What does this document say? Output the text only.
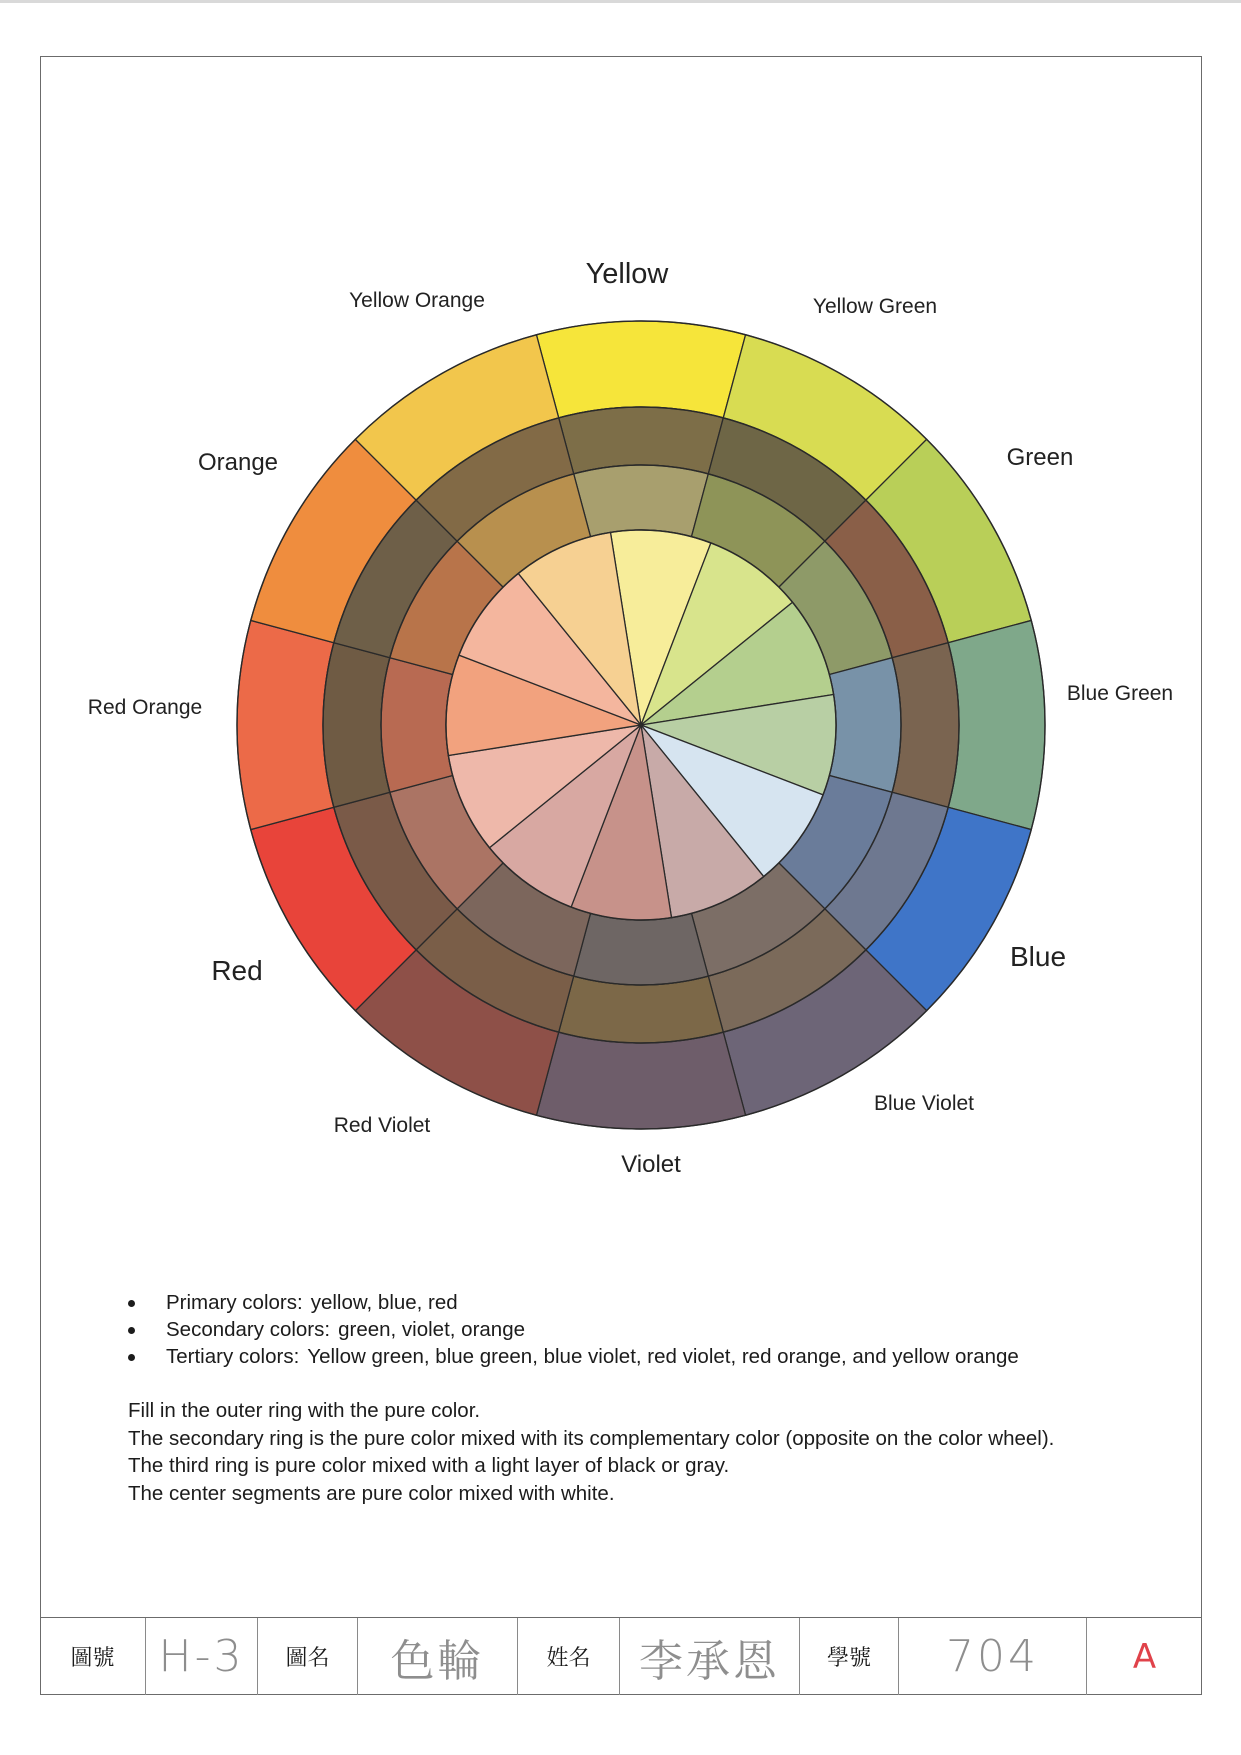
Yellow
Yellow Green
Green
Blue Green
Blue
Blue Violet
Violet
Red Violet
Red
Red Orange
Orange
Yellow Orange
Primary colors: yellow, blue, red
Secondary colors: green, violet, orange
Tertiary colors: Yellow green, blue green, blue violet, red violet, red orange, and yellow orange
Fill in the outer ring with the pure color.
The secondary ring is the pure color mixed with its complementary color (opposite on the color wheel).
The third ring is pure color mixed with a light layer of black or gray.
The center segments are pure color mixed with white.
圖號	H-3	圖名	色輪	姓名	李承恩	學號	704	A
